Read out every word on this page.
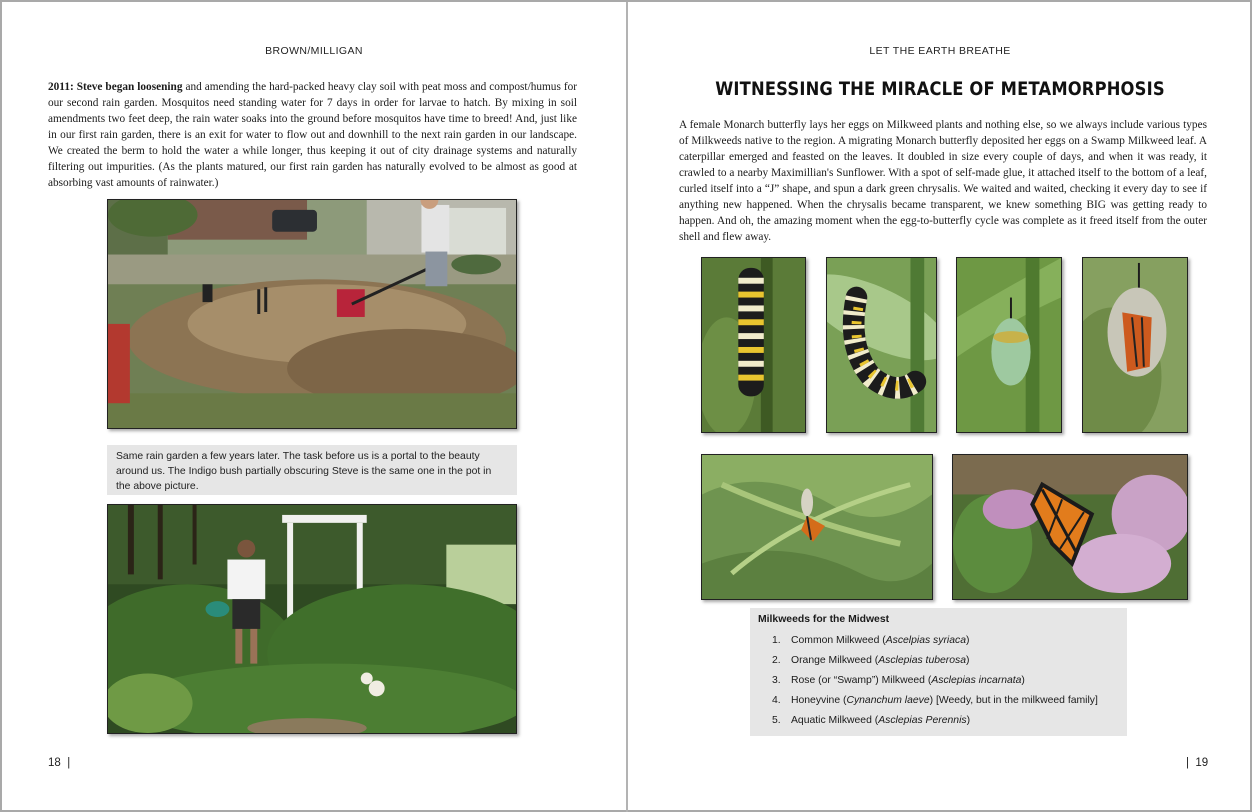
BROWN/MILLIGAN

2011: Steve began loosening and amending the hard-packed heavy clay soil with peat moss and compost/humus for our second rain garden. Mosquitos need standing water for 7 days in order for larvae to hatch. By mixing in soil amendments two feet deep, the rain water soaks into the ground before mosquitos have time to breed! And, just like in our first rain garden, there is an exit for water to flow out and downhill to the next rain garden in our landscape. We created the berm to hold the water a while longer, thus keeping it out of city drainage systems and naturally filtering out impurities. (As the plants matured, our first rain garden has naturally evolved to be almost as good at absorbing vast amounts of rainwater.)

Same rain garden a few years later. The task before us is a portal to the beauty around us. The Indigo bush partially obscuring Steve is the same one in the pot in the above picture.
18 |
LET THE EARTH BREATHE
WITNESSING THE MIRACLE OF METAMORPHOSIS

A female Monarch butterfly lays her eggs on Milkweed plants and nothing else, so we always include various types of Milkweeds native to the region. A migrating Monarch butterfly deposited her eggs on a Swamp Milkweed leaf. A caterpillar emerged and feasted on the leaves. It doubled in size every couple of days, and when it was ready, it crawled to a nearby Maximillian's Sunflower. With a spot of self-made glue, it attached itself to the bottom of a leaf, curled itself into a “J” shape, and spun a dark green chrysalis. We waited and waited, checking it every day to see if anything new happened. When the chrysalis became transparent, we knew something BIG was getting ready to happen. And oh, the amazing moment when the egg-to-butterfly cycle was complete as it freed itself from the outer shell and flew away.

Milkweeds for the Midwest
1. Common Milkweed (Ascelpias syriaca)
2. Orange Milkweed (Asclepias tuberosa)
3. Rose (or “Swamp”) Milkweed (Asclepias incarnata)
4. Honeyvine (Cynanchum laeve) [Weedy, but in the milkweed family]
5. Aquatic Milkweed (Asclepias Perennis)
| 19
